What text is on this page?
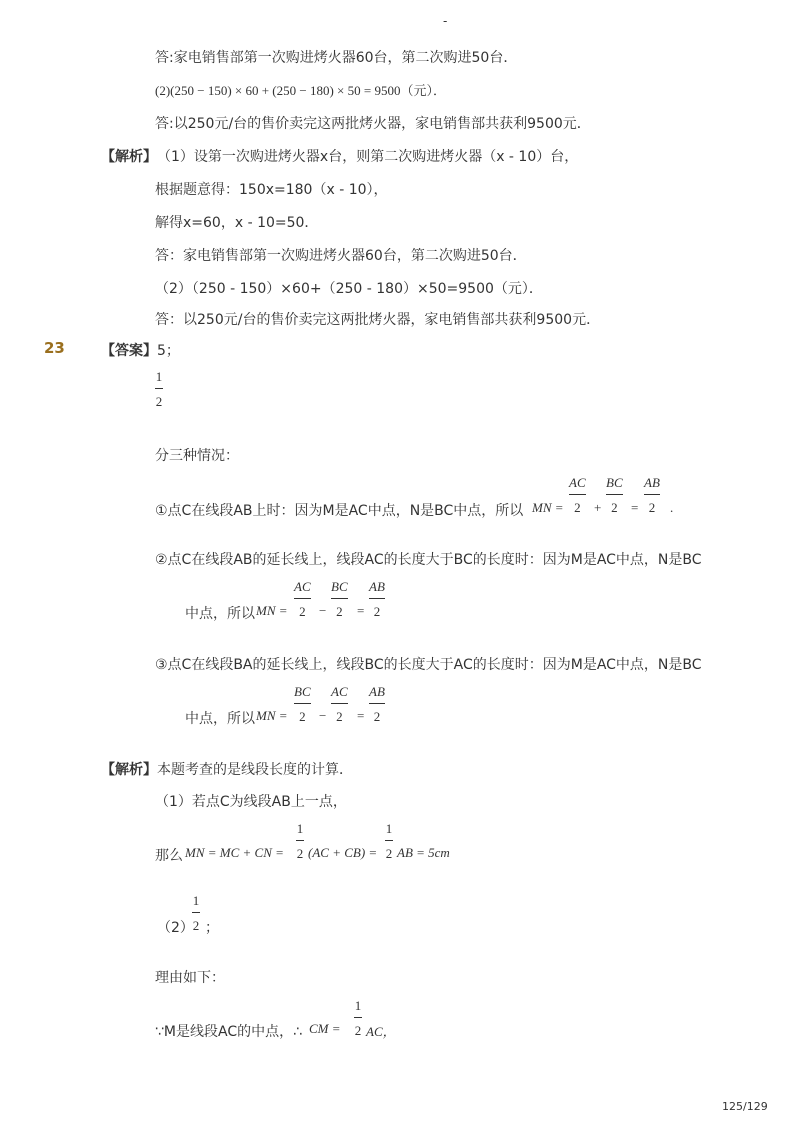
-
答:家电销售部第一次购进烤火器60台，第二次购进50台．
(2)(250 − 150) × 60 + (250 − 180) × 50 = 9500（元）．
答:以250元/台的售价卖完这两批烤火器，家电销售部共获利9500元．
【解析】 （1）设第一次购进烤火器x台，则第二次购进烤火器（x - 10）台，
根据题意得：150x=180（x - 10），
解得x=60，x - 10=50．
答：家电销售部第一次购进烤火器60台，第二次购进50台．
（2）（250 - 150）×60+（250 - 180）×50=9500（元）．
答：以250元/台的售价卖完这两批烤火器，家电销售部共获利9500元．
23	【答案】 5；
1
2
分三种情况：
①点C在线段AB上时：因为M是AC中点，N是BC中点，所以 MN =
AC
2 +
BC
2 =
AB
2 .
②点C在线段AB的延长线上，线段AC的长度大于BC的长度时：因为M是AC中点，N是BC
中点，所以 MN =
AC
2 −
BC
2 =
AB
2
③点C在线段BA的延长线上，线段BC的长度大于AC的长度时：因为M是AC中点，N是BC
中点，所以 MN =
BC
2 −
AC
2 =
AB
2
【解析】 本题考查的是线段长度的计算．
（1）若点C为线段AB上一点，
那么 MN = MC + CN =
1
2 (AC + CB) =
1
2 AB = 5cm
（2）
1
2 ；
理由如下：
∵M是线段AC的中点，∴ CM =
1
2 AC，
125/129
